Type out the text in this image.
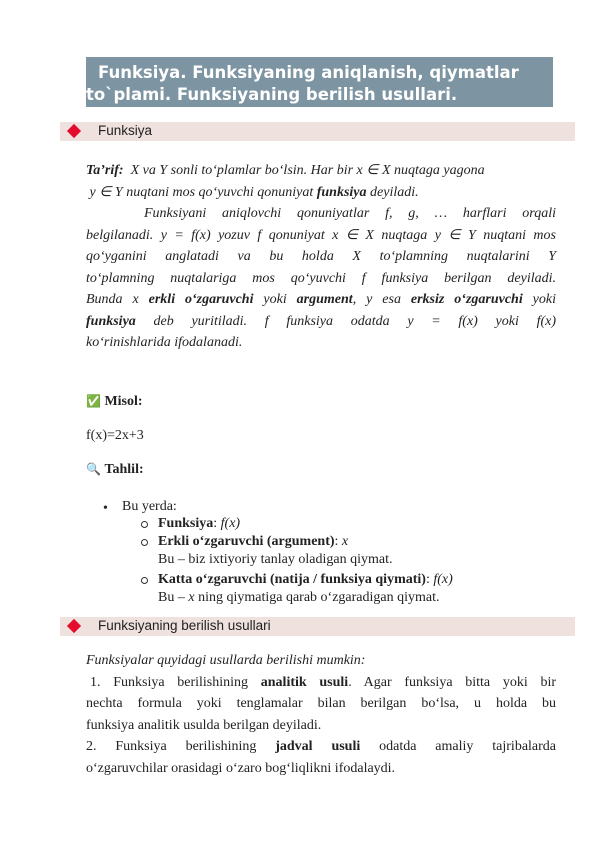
Funksiya. Funksiyaning aniqlanish, qiymatlar
to`plami. Funksiyaning berilish usullari.
Funksiya
Ta’rif: X va Y sonli to‘plamlar bo‘lsin. Har bir x ∈ X nuqtaga yagona
y ∈ Y nuqtani mos qo‘yuvchi qonuniyat funksiya deyiladi.
Funksiyani aniqlovchi qonuniyatlar f, g, … harflari orqali
belgilanadi. y = f(x) yozuv f qonuniyat x ∈ X nuqtaga y ∈ Y nuqtani mos
qo‘yganini anglatadi va bu holda X to‘plamning nuqtalarini Y
to‘plamning nuqtalariga mos qo‘yuvchi f funksiya berilgan deyiladi.
Bunda x erkli o‘zgaruvchi yoki argument, y esa erksiz o‘zgaruvchi yoki
funksiya deb yuritiladi. f funksiya odatda y = f(x) yoki f(x)
ko‘rinishlarida ifodalanadi.
✅ Misol:
f(x)=2x+3
🔍 Tahlil:
• Bu yerda:
Funksiya: f(x)
Erkli o‘zgaruvchi (argument): x
Bu – biz ixtiyoriy tanlay oladigan qiymat.
Katta o‘zgaruvchi (natija / funksiya qiymati): f(x)
Bu – x ning qiymatiga qarab o‘zgaradigan qiymat.
Funksiyaning berilish usullari
Funksiyalar quyidagi usullarda berilishi mumkin:
1. Funksiya berilishining analitik usuli. Agar funksiya bitta yoki bir
nechta formula yoki tenglamalar bilan berilgan bo‘lsa, u holda bu
funksiya analitik usulda berilgan deyiladi.
2. Funksiya berilishining jadval usuli odatda amaliy tajribalarda
o‘zgaruvchilar orasidagi o‘zaro bog‘liqlikni ifodalaydi.
